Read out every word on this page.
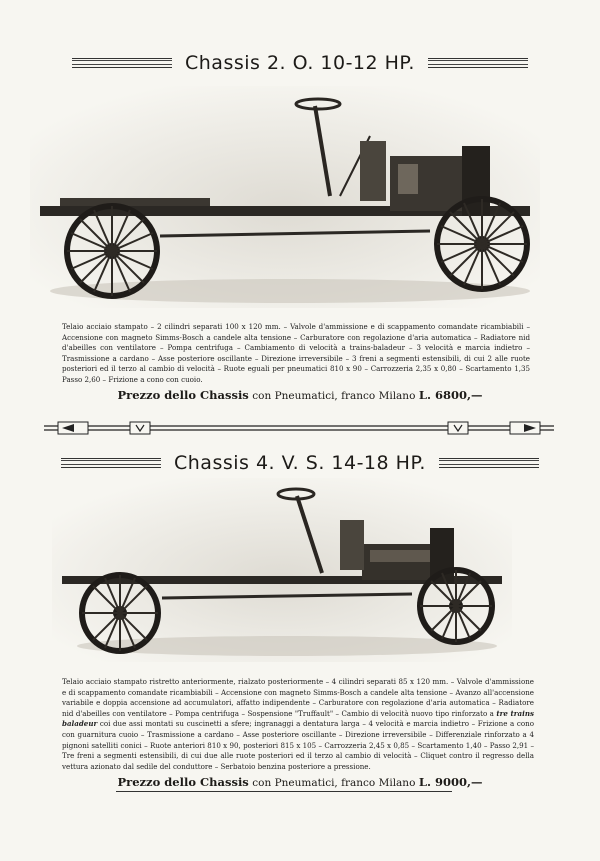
Chassis 2. O. 10-12 HP.
Telaio acciaio stampato – 2 cilindri separati 100 x 120 mm. – Valvole d'ammissione e di scappamento comandate ricambiabili – Accensione con magneto Simms-Bosch a candele alta tensione – Carburatore con regolazione d'aria automatica – Radiatore nid d'abeilles con ventilatore – Pompa centrifuga – Cambiamento di velocità a trains-baladeur – 3 velocità e marcia indietro – Trasmissione a cardano – Asse posteriore oscillante – Direzione irreversibile – 3 freni a segmenti estensibili, di cui 2 alle ruote posteriori ed il terzo al cambio di velocità – Ruote eguali per pneumatici 810 x 90 – Carrozzeria 2,35 x 0,80 – Scartamento 1,35 Passo 2,60 – Frizione a cono con cuoio.
Prezzo dello Chassis con Pneumatici, franco Milano L. 6800,—
Chassis 4. V. S. 14-18 HP.
Telaio acciaio stampato ristretto anteriormente, rialzato posteriormente – 4 cilindri separati 85 x 120 mm. – Valvole d'ammissione e di scappamento comandate ricambiabili – Accensione con magneto Simms-Bosch a candele alta tensione – Avanzo all'accensione variabile e doppia accensione ad accumulatori, affatto indipendente – Carburatore con regolazione d'aria automatica – Radiatore nid d'abeilles con ventilatore – Pompa centrifuga – Sospensione "Truffault" – Cambio di velocità nuovo tipo rinforzato a tre trains baladeur coi due assi montati su cuscinetti a sfere; ingranaggi a dentatura larga – 4 velocità e marcia indietro – Frizione a cono con guarnitura cuoio – Trasmissione a cardano – Asse posteriore oscillante – Direzione irreversibile – Differenziale rinforzato a 4 pignoni satelliti conici – Ruote anteriori 810 x 90, posteriori 815 x 105 – Carrozzeria 2,45 x 0,85 – Scartamento 1,40 – Passo 2,91 – Tre freni a segmenti estensibili, di cui due alle ruote posteriori ed il terzo al cambio di velocità – Cliquet contro il regresso della vettura azionato dal sedile del conduttore – Serbatoio benzina posteriore a pressione.
Prezzo dello Chassis con Pneumatici, franco Milano L. 9000,—
